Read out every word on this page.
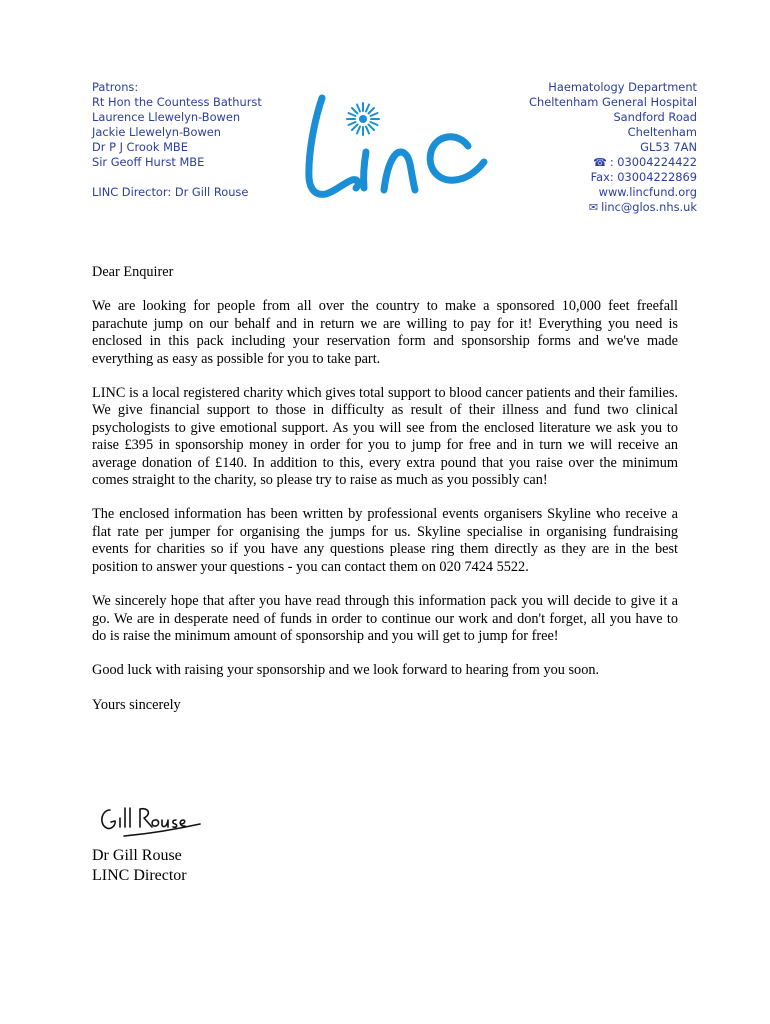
Patrons:
Rt Hon the Countess Bathurst
Laurence Llewelyn-Bowen
Jackie Llewelyn-Bowen
Dr P J Crook MBE
Sir Geoff Hurst MBE
LINC Director: Dr Gill Rouse
Haematology Department
Cheltenham General Hospital
Sandford Road
Cheltenham
GL53 7AN
☎ : 03004224422
Fax: 03004222869
www.lincfund.org
✉ linc@glos.nhs.uk

Dear Enquirer

We are looking for people from all over the country to make a sponsored 10,000 feet freefall parachute jump on our behalf and in return we are willing to pay for it! Everything you need is enclosed in this pack including your reservation form and sponsorship forms and we've made everything as easy as possible for you to take part.

LINC is a local registered charity which gives total support to blood cancer patients and their families. We give financial support to those in difficulty as result of their illness and fund two clinical psychologists to give emotional support. As you will see from the enclosed literature we ask you to raise £395 in sponsorship money in order for you to jump for free and in turn we will receive an average donation of £140. In addition to this, every extra pound that you raise over the minimum comes straight to the charity, so please try to raise as much as you possibly can!

The enclosed information has been written by professional events organisers Skyline who receive a flat rate per jumper for organising the jumps for us. Skyline specialise in organising fundraising events for charities so if you have any questions please ring them directly as they are in the best position to answer your questions - you can contact them on 020 7424 5522.

We sincerely hope that after you have read through this information pack you will decide to give it a go. We are in desperate need of funds in order to continue our work and don't forget, all you have to do is raise the minimum amount of sponsorship and you will get to jump for free!

Good luck with raising your sponsorship and we look forward to hearing from you soon.

Yours sincerely

Dr Gill Rouse
LINC Director
